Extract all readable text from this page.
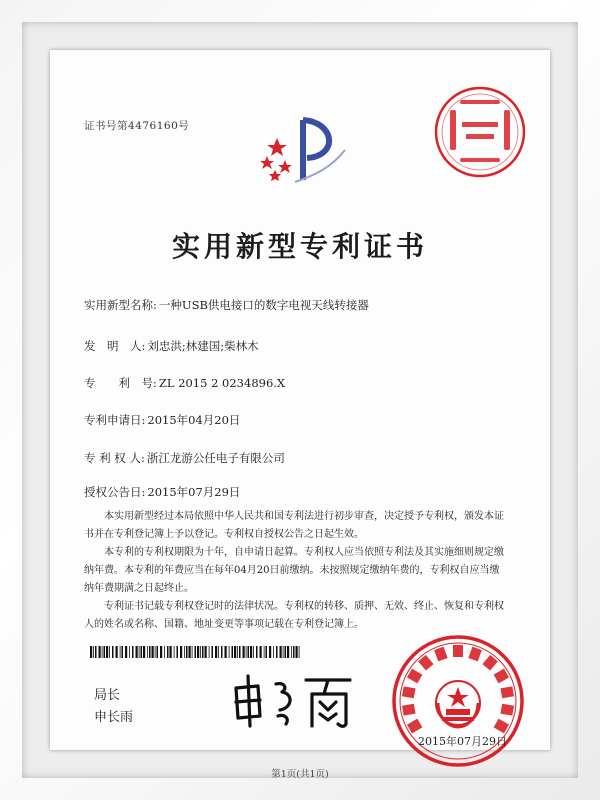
证书号第4476160号
实用新型专利证书
实用新型名称: 一种USB供电接口的数字电视天线转接器
发　明　人: 刘忠洪;林建国;柴林木
专　　利　号: ZL 2015 2 0234896.X
专利申请日: 2015年04月20日
专 利 权 人: 浙江龙游公任电子有限公司
授权公告日: 2015年07月29日

本实用新型经过本局依照中华人民共和国专利法进行初步审查，决定授予专利权，颁发本证书并在专利登记簿上予以登记。专利权自授权公告之日起生效。

本专利的专利权期限为十年，自申请日起算。专利权人应当依照专利法及其实施细则规定缴纳年费。本专利的年费应当在每年04月20日前缴纳。未按照规定缴纳年费的，专利权自应当缴纳年费期满之日起终止。

专利证书记载专利权登记时的法律状况。专利权的转移、质押、无效、终止、恢复和专利权人的姓名或名称、国籍、地址变更等事项记载在专利登记簿上。

局长
申长雨
2015年07月29日
第1页(共1页)
